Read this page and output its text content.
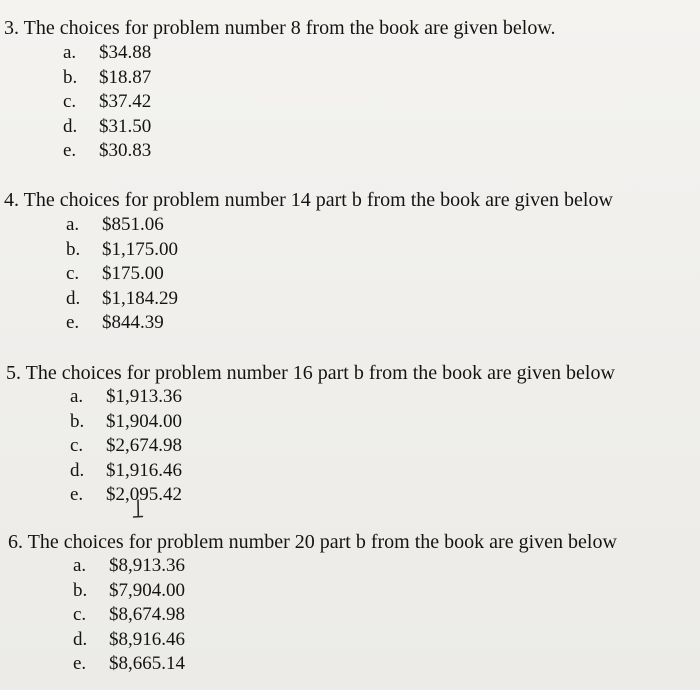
3. The choices for problem number 8 from the book are given below.

a.	$34.88
b.	$18.87
c.	$37.42
d.	$31.50
e.	$30.83

4. The choices for problem number 14 part b from the book are given below

a.	$851.06
b.	$1,175.00
c.	$175.00
d.	$1,184.29
e.	$844.39

5. The choices for problem number 16 part b from the book are given below

a.	$1,913.36
b.	$1,904.00
c.	$2,674.98
d.	$1,916.46
e.	$2,095.42

6. The choices for problem number 20 part b from the book are given below

a.	$8,913.36
b.	$7,904.00
c.	$8,674.98
d.	$8,916.46
e.	$8,665.14
